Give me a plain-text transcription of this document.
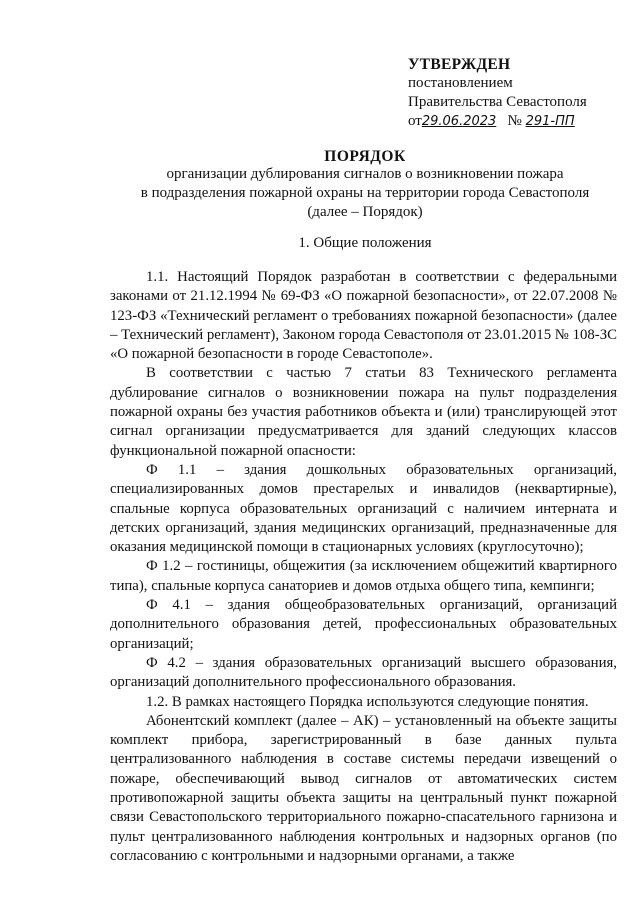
УТВЕРЖДЕН
постановлением
Правительства Севастополя
от29.06.2023 № 291-ПП
ПОРЯДОК
организации дублирования сигналов о возникновении пожара
в подразделения пожарной охраны на территории города Севастополя
(далее – Порядок)
1. Общие положения

1.1. Настоящий Порядок разработан в соответствии с федеральными законами от 21.12.1994 № 69-ФЗ «О пожарной безопасности», от 22.07.2008 № 123-ФЗ «Технический регламент о требованиях пожарной безопасности» (далее – Технический регламент), Законом города Севастополя от 23.01.2015 № 108-ЗС «О пожарной безопасности в городе Севастополе».

В соответствии с частью 7 статьи 83 Технического регламента дублирование сигналов о возникновении пожара на пульт подразделения пожарной охраны без участия работников объекта и (или) транслирующей этот сигнал организации предусматривается для зданий следующих классов функциональной пожарной опасности:

Ф 1.1 – здания дошкольных образовательных организаций, специализированных домов престарелых и инвалидов (неквартирные), спальные корпуса образовательных организаций с наличием интерната и детских организаций, здания медицинских организаций, предназначенные для оказания медицинской помощи в стационарных условиях (круглосуточно);

Ф 1.2 – гостиницы, общежития (за исключением общежитий квартирного типа), спальные корпуса санаториев и домов отдыха общего типа, кемпинги;

Ф 4.1 – здания общеобразовательных организаций, организаций дополнительного образования детей, профессиональных образовательных организаций;

Ф 4.2 – здания образовательных организаций высшего образования, организаций дополнительного профессионального образования.

1.2. В рамках настоящего Порядка используются следующие понятия.

Абонентский комплект (далее – АК) – установленный на объекте защиты комплект прибора, зарегистрированный в базе данных пульта централизованного наблюдения в составе системы передачи извещений о пожаре, обеспечивающий вывод сигналов от автоматических систем противопожарной защиты объекта защиты на центральный пункт пожарной связи Севастопольского территориального пожарно-спасательного гарнизона и пульт централизованного наблюдения контрольных и надзорных органов (по согласованию с контрольными и надзорными органами, а также
